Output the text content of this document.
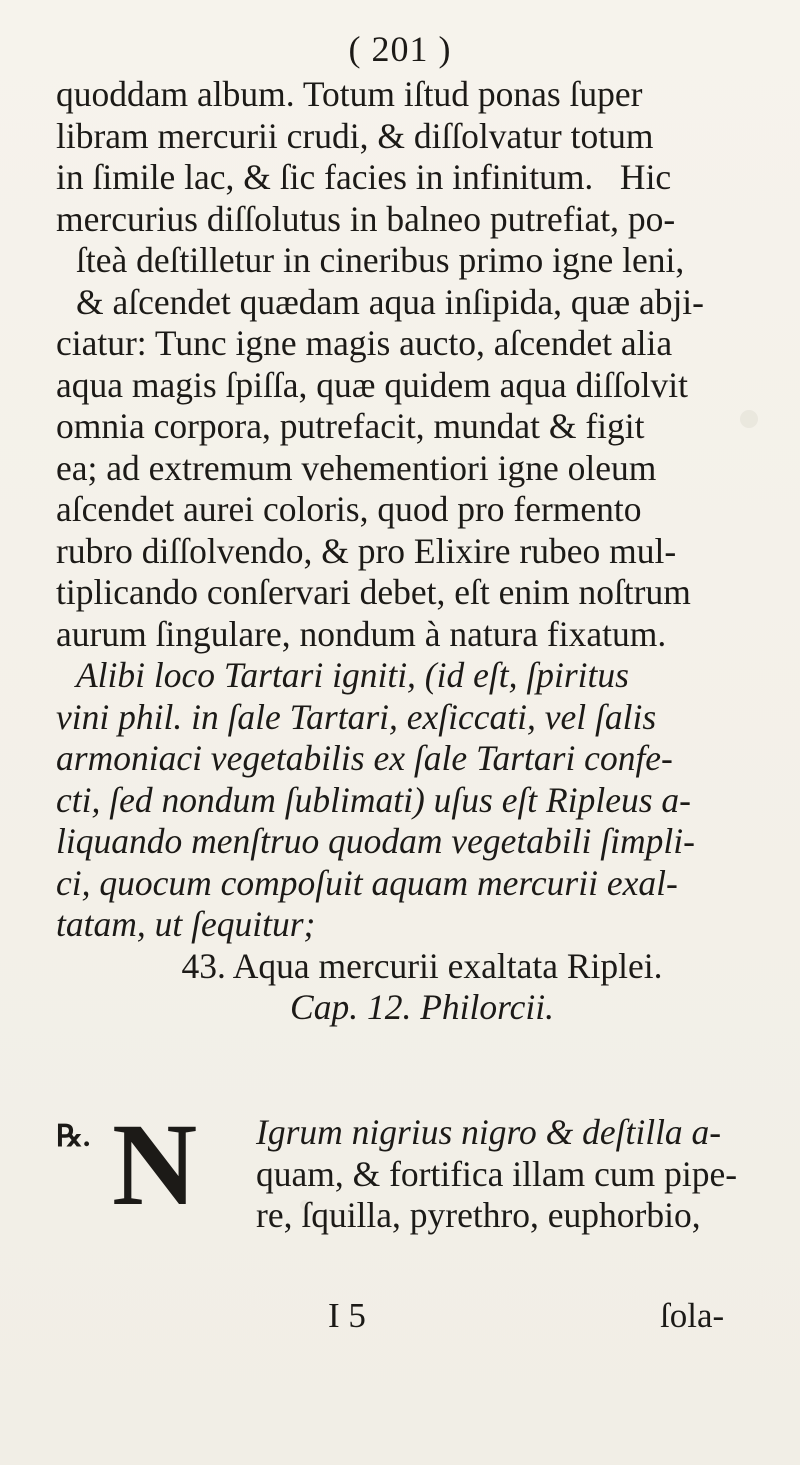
( 201 )
quoddam album. Totum iſtud ponas ſuper
libram mercurii crudi, & diſſolvatur totum
in ſimile lac, & ſic facies in infinitum.   Hic
mercurius diſſolutus in balneo putrefiat, po-
ſteà deſtilletur in cineribus primo igne leni,
& aſcendet quædam aqua inſipida, quæ abji-
ciatur: Tunc igne magis aucto, aſcendet alia
aqua magis ſpiſſa, quæ quidem aqua diſſolvit
omnia corpora, putrefacit, mundat & figit
ea; ad extremum vehementiori igne oleum
aſcendet aurei coloris, quod pro fermento
rubro diſſolvendo, & pro Elixire rubeo mul-
tiplicando conſervari debet, eſt enim noſtrum
aurum ſingulare, nondum à natura fixatum.
Alibi loco Tartari igniti, (id eſt, ſpiritus
vini phil. in ſale Tartari, exſiccati, vel ſalis
armoniaci vegetabilis ex ſale Tartari confe-
cti, ſed nondum ſublimati) uſus eſt Ripleus a-
liquando menſtruo quodam vegetabili ſimpli-
ci, quocum compoſuit aquam mercurii exal-
tatam, ut ſequitur;
43. Aqua mercurii exaltata Riplei.
Cap. 12. Philorcii.
℞. N Igrum nigrius nigro & deſtilla a-
quam, & fortifica illam cum pipe-
re, ſquilla, pyrethro, euphorbio,
I 5	ſola-
